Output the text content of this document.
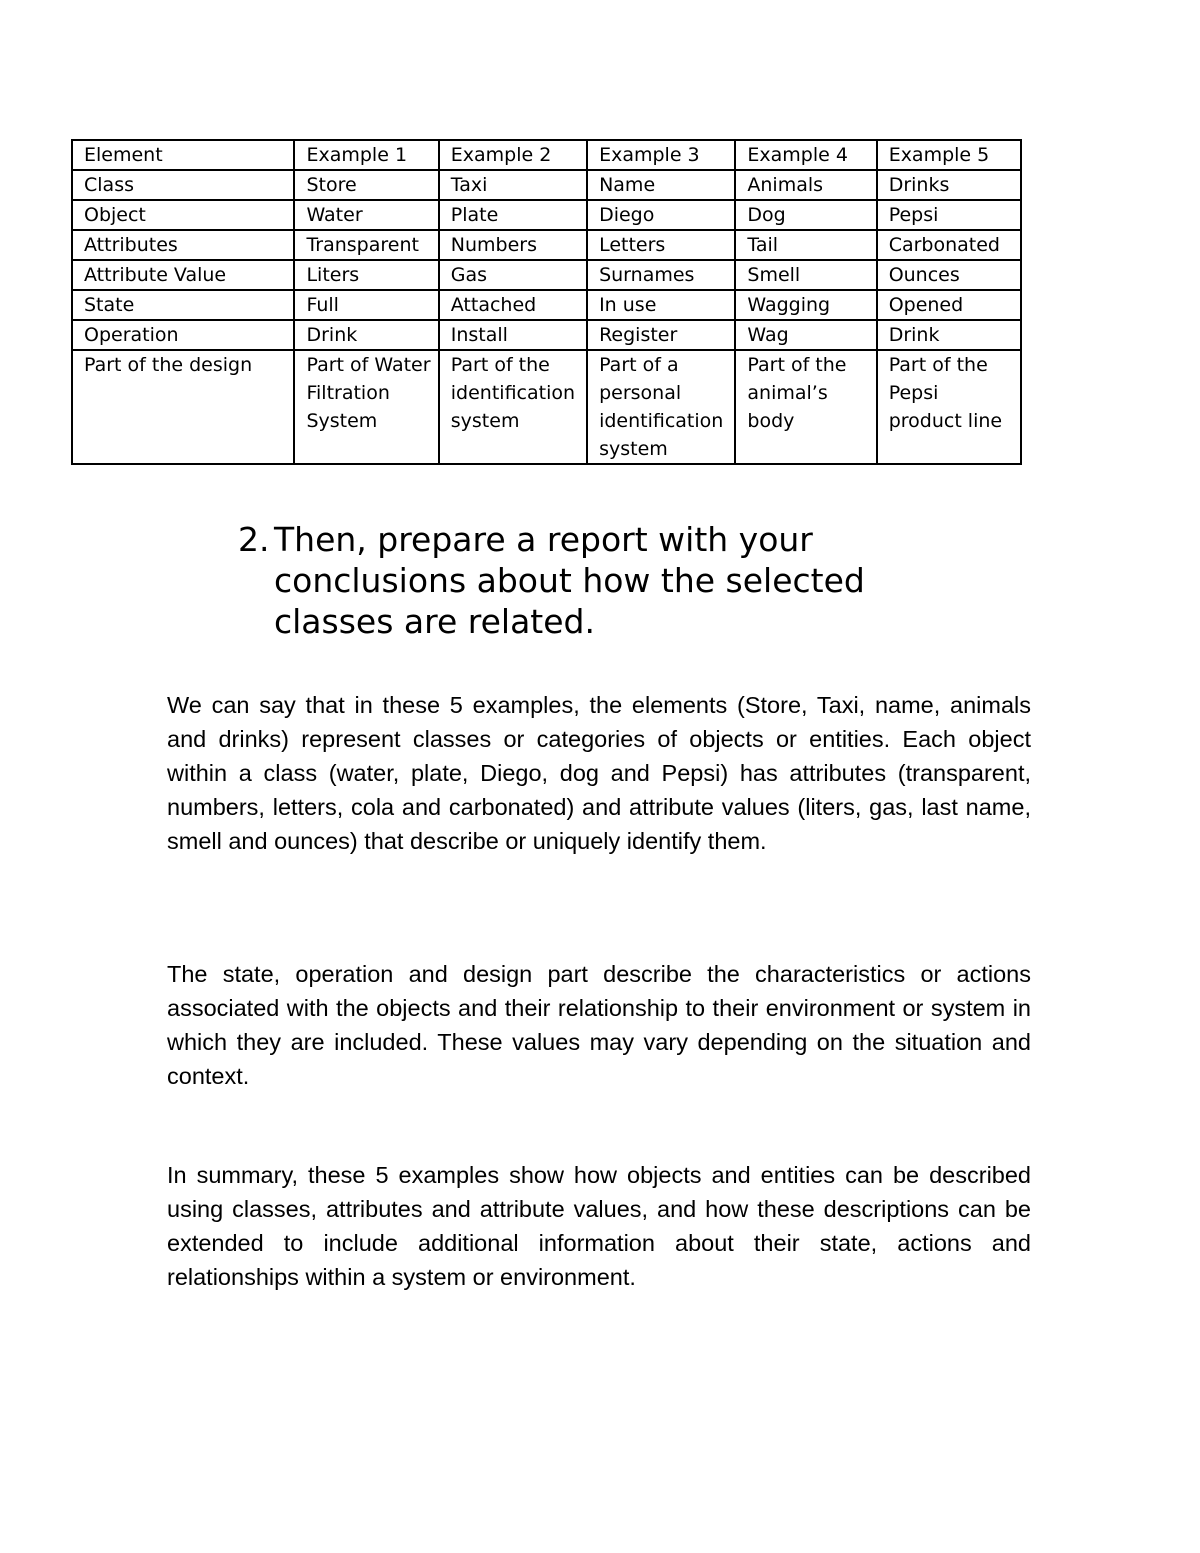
Element	Example 1	Example 2	Example 3	Example 4	Example 5
Class	Store	Taxi	Name	Animals	Drinks
Object	Water	Plate	Diego	Dog	Pepsi
Attributes	Transparent	Numbers	Letters	Tail	Carbonated
Attribute Value	Liters	Gas	Surnames	Smell	Ounces
State	Full	Attached	In use	Wagging	Opened
Operation	Drink	Install	Register	Wag	Drink
Part of the design	Part of Water Filtration System	Part of the identification system	Part of a personal identification system	Part of the animal’s body	Part of the Pepsi product line
2. Then, prepare a report with your conclusions about how the selected classes are related.

We can say that in these 5 examples, the elements (Store, Taxi, name, animals and drinks) represent classes or categories of objects or entities. Each object within a class (water, plate, Diego, dog and Pepsi) has attributes (transparent, numbers, letters, cola and carbonated) and attribute values (liters, gas, last name, smell and ounces) that describe or uniquely identify them.

The state, operation and design part describe the characteristics or actions associated with the objects and their relationship to their environment or system in which they are included. These values may vary depending on the situation and context.

In summary, these 5 examples show how objects and entities can be described using classes, attributes and attribute values, and how these descriptions can be extended to include additional information about their state, actions and relationships within a system or environment.
